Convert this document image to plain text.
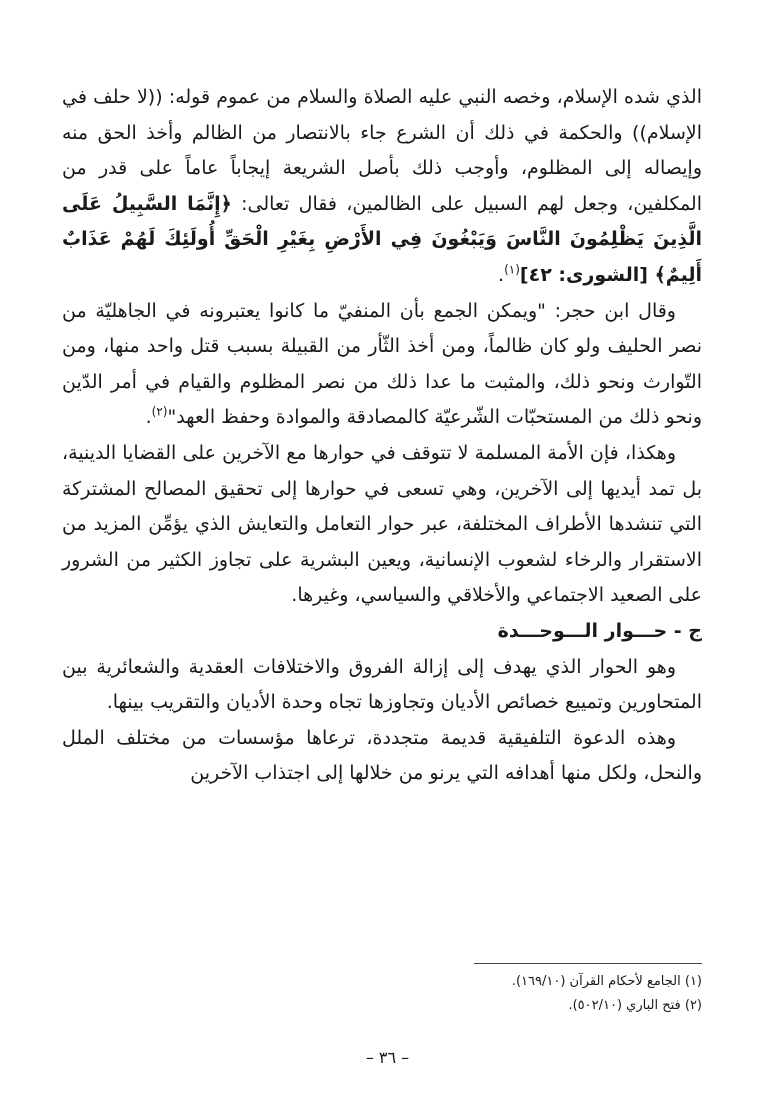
الذي شده الإسلام، وخصه النبي عليه الصلاة والسلام من عموم قوله: ((لا حلف في الإسلام)) والحكمة في ذلك أن الشرع جاء بالانتصار من الظالم وأخذ الحق منه وإيصاله إلى المظلوم، وأوجب ذلك بأصل الشريعة إيجاباً عاماً على قدر من المكلفين، وجعل لهم السبيل على الظالمين، فقال تعالى: ﴿إِنَّمَا السَّبِيلُ عَلَى الَّذِينَ يَظْلِمُونَ النَّاسَ وَيَبْغُونَ فِي الأَرْضِ بِغَيْرِ الْحَقِّ أُولَئِكَ لَهُمْ عَذَابٌ أَلِيمٌ﴾ [الشورى: ٤٢]$^{(١)}$.

وقال ابن حجر: "ويمكن الجمع بأن المنفيّ ما كانوا يعتبرونه في الجاهليّة من نصر الحليف ولو كان ظالماً، ومن أخذ الثّأر من القبيلة بسبب قتل واحد منها، ومن التّوارث ونحو ذلك، والمثبت ما عدا ذلك من نصر المظلوم والقيام في أمر الدّين ونحو ذلك من المستحبّات الشّرعيّة كالمصادقة والموادة وحفظ العهد"$^{(٢)}$.

وهكذا، فإن الأمة المسلمة لا تتوقف في حوارها مع الآخرين على القضايا الدينية، بل تمد أيديها إلى الآخرين، وهي تسعى في حوارها إلى تحقيق المصالح المشتركة التي تنشدها الأطراف المختلفة، عبر حوار التعامل والتعايش الذي يؤمِّن المزيد من الاستقرار والرخاء لشعوب الإنسانية، ويعين البشرية على تجاوز الكثير من الشرور على الصعيد الاجتماعي والأخلاقي والسياسي، وغيرها.

ج - حـــوار الـــوحـــدة

وهو الحوار الذي يهدف إلى إزالة الفروق والاختلافات العقدية والشعائرية بين المتحاورين وتمييع خصائص الأديان وتجاوزها تجاه وحدة الأديان والتقريب بينها.

وهذه الدعوة التلفيقية قديمة متجددة، ترعاها مؤسسات من مختلف الملل والنحل، ولكل منها أهدافه التي يرنو من خلالها إلى اجتذاب الآخرين

(١) الجامع لأحكام القرآن (١٦٩/١٠).
(٢) فتح الباري (٥٠٢/١٠).
– ٣٦ –
